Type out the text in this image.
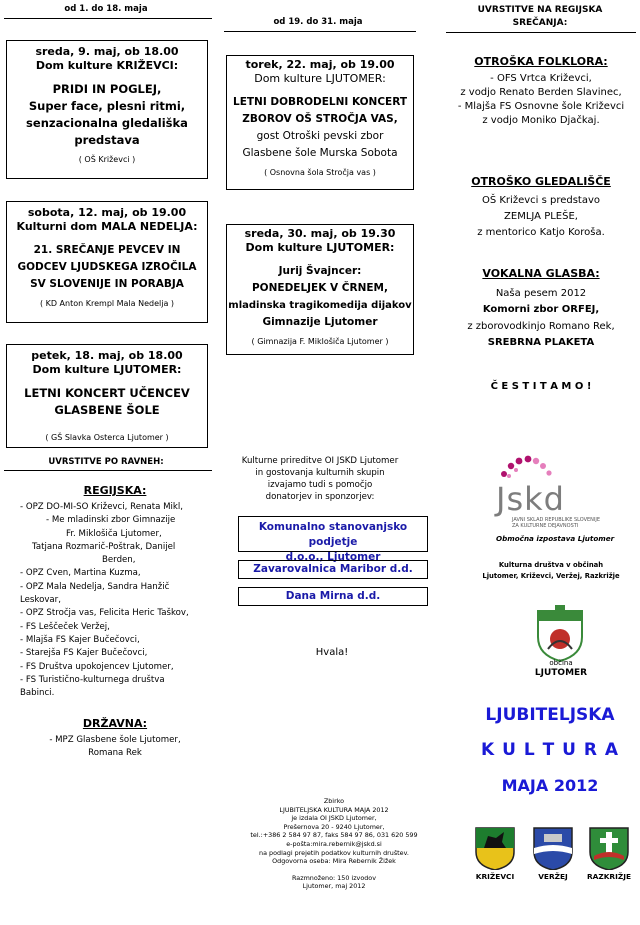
od 1. do 18. maja
sreda, 9. maj, ob 18.00
Dom kulture KRIŽEVCI:
PRIDI IN POGLEJ,
Super face, plesni ritmi,
senzacionalna gledališka
predstava
( OŠ Križevci )
sobota, 12. maj, ob 19.00
Kulturni dom MALA NEDELJA:
21. SREČANJE PEVCEV IN
GODCEV LJUDSKEGA IZROČILA
SV SLOVENIJE IN PORABJA
( KD Anton Krempl Mala Nedelja )
petek, 18. maj, ob 18.00
Dom kulture LJUTOMER:
LETNI KONCERT UČENCEV
GLASBENE ŠOLE
( GŠ Slavka Osterca Ljutomer )
UVRSTITVE PO RAVNEH:
REGIJSKA:
- OPZ DO-MI-SO Križevci, Renata Mikl,
- Me mladinski zbor Gimnazije
Fr. Miklošiča Ljutomer,
Tatjana Rozmarič-Poštrak, Danijel
Berden,
- OPZ Cven, Martina Kuzma,
- OPZ Mala Nedelja, Sandra Hanžič
Leskovar,
- OPZ Stročja vas, Felicita Heric Taškov,
- FS Leščeček Veržej,
- Mlajša FS Kajer Bučečovci,
- Starejša FS Kajer Bučečovci,
- FS Društva upokojencev Ljutomer,
- FS Turistično-kulturnega društva
Babinci.
DRŽAVNA:
- MPZ Glasbene šole Ljutomer,
Romana Rek
od 19. do 31. maja
torek, 22. maj, ob 19.00
Dom kulture LJUTOMER:
LETNI DOBRODELNI KONCERT
ZBOROV OŠ STROČJA VAS,
gost Otroški pevski zbor
Glasbene šole Murska Sobota
( Osnovna šola Stročja vas )
sreda, 30. maj, ob 19.30
Dom kulture LJUTOMER:
Jurij Švajncer:
PONEDELJEK V ČRNEM,
mladinska tragikomedija dijakov
Gimnazije Ljutomer
( Gimnazija F. Miklošiča Ljutomer )
Kulturne prireditve OI JSKD Ljutomer
in gostovanja kulturnih skupin
izvajamo tudi s pomočjo
donatorjev in sponzorjev:
Komunalno stanovanjsko podjetje
d.o.o., Ljutomer
Zavarovalnica Maribor d.d.
Dana Mirna d.d.
Hvala!
Zbirko
LJUBITELJSKA KULTURA MAJA 2012
je izdala OI JSKD Ljutomer,
Prešernova 20 - 9240 Ljutomer,
tel.:+386 2 584 97 87, faks 584 97 86, 031 620 599
e-pošta:mira.rebernik@jskd.si
na podlagi prejetih podatkov kulturnih društev.
Odgovorna oseba: Mira Rebernik Žižek
Razmnoženo: 150 izvodov
Ljutomer, maj 2012
UVRSTITVE NA REGIJSKA
SREČANJA:
OTROŠKA FOLKLORA:
- OFS Vrtca Križevci,
z vodjo Renato Berden Slavinec,
- Mlajša FS Osnovne šole Križevci
z vodjo Moniko Djačkaj.
OTROŠKO GLEDALIŠČE
OŠ Križevci s predstavo
ZEMLJA PLEŠE,
z mentorico Katjo Koroša.
VOKALNA GLASBA:
Naša pesem 2012
Komorni zbor ORFEJ,
z zborovodkinjo Romano Rek,
SREBRNA PLAKETA
Č E S T I T A M O !
Jskd
JAVNI SKLAD REPUBLIKE SLOVENIJE
ZA KULTURNE DEJAVNOSTI
Območna izpostava Ljutomer
Kulturna društva v občinah
Ljutomer, Križevci, Veržej, Razkrižje
občina
LJUTOMER
LJUBITELJSKA
K U L T U R A
MAJA 2012
KRIŽEVCI	VERŽEJ	RAZKRIŽJE
